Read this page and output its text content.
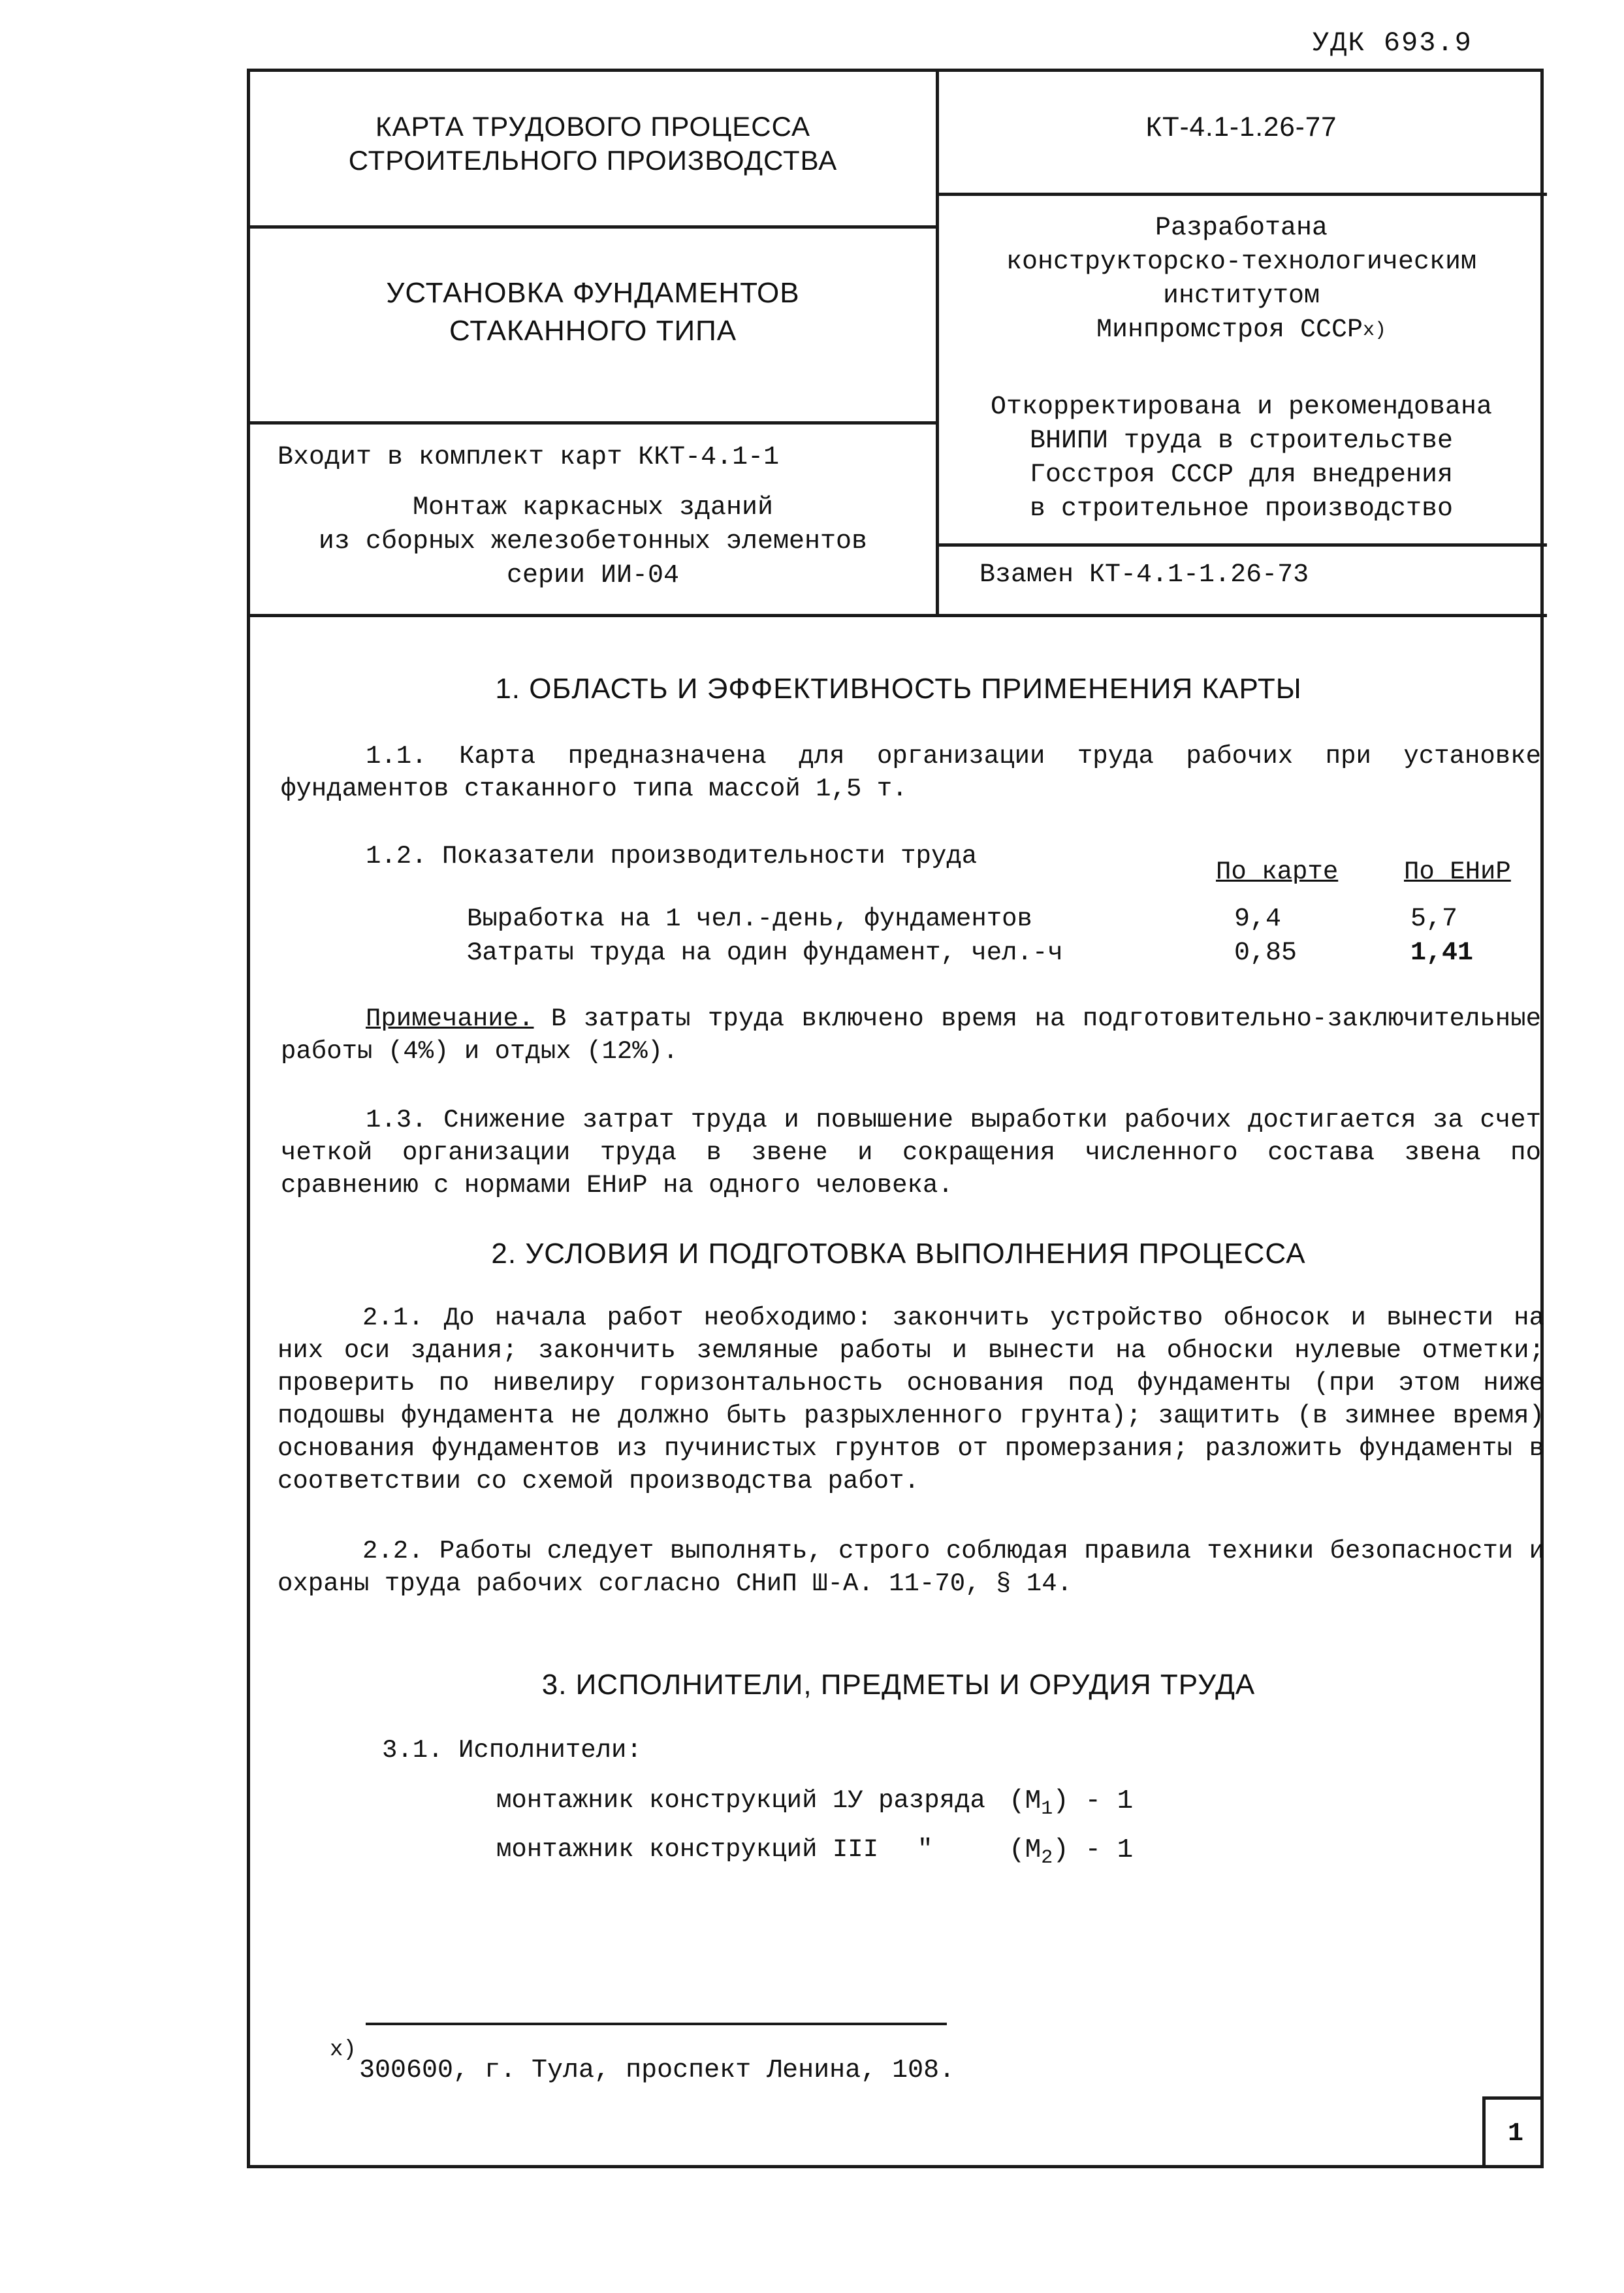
УДК 693.9
КАРТА ТРУДОВОГО ПРОЦЕССА
СТРОИТЕЛЬНОГО ПРОИЗВОДСТВА
КТ-4.1-1.26-77
УСТАНОВКА ФУНДАМЕНТОВ
СТАКАННОГО ТИПА
Разработана
конструкторско-технологическим
институтом
Минпромстроя $СССР^{х)}$
Откорректирована и рекомендована
ВНИПИ труда в строительстве
Госстроя СССР для внедрения
в строительное производство
Входит в комплект карт ККТ-4.1-1
Монтаж каркасных зданий
из сборных железобетонных элементов
серии ИИ-04	Взамен КТ-4.1-1.26-73
1. ОБЛАСТЬ И ЭФФЕКТИВНОСТЬ ПРИМЕНЕНИЯ КАРТЫ

1.1. Карта предназначена для организации труда рабочих при установке фундаментов стаканного типа массой 1,5 т.

1.2. Показатели производительности труда

По карте	По ЕНиР
Выработка на 1 чел.-день, фундаментов	9,4	5,7
Затраты труда на один фундамент, чел.-ч	0,85	1,41

Примечание. В затраты труда включено время на подготовительно-заключительные работы (4%) и отдых (12%).

1.3. Снижение затрат труда и повышение выработки рабочих достигается за счет четкой организации труда в звене и сокращения численного состава звена по сравнению с нормами ЕНиР на одного человека.

2. УСЛОВИЯ И ПОДГОТОВКА ВЫПОЛНЕНИЯ ПРОЦЕССА

2.1. До начала работ необходимо: закончить устройство обносок и вынести на них оси здания; закончить земляные работы и вынести на обноски нулевые отметки; проверить по нивелиру горизонтальность основания под фундаменты (при этом ниже подошвы фундамента не должно быть разрыхленного грунта); защитить (в зимнее время) основания фундаментов из пучинистых грунтов от промерзания; разложить фундаменты в соответствии со схемой производства работ.

2.2. Работы следует выполнять, строго соблюдая правила техники безопасности и охраны труда рабочих согласно СНиП Ш-А. 11-70, § 14.

3. ИСПОЛНИТЕЛИ, ПРЕДМЕТЫ И ОРУДИЯ ТРУДА
3.1. Исполнители:
монтажник конструкций 1У разряда $(М_1) - 1$
монтажник конструкций III "	$(М_2) - 1$
х)
300600, г. Тула, проспект Ленина, 108.
1
